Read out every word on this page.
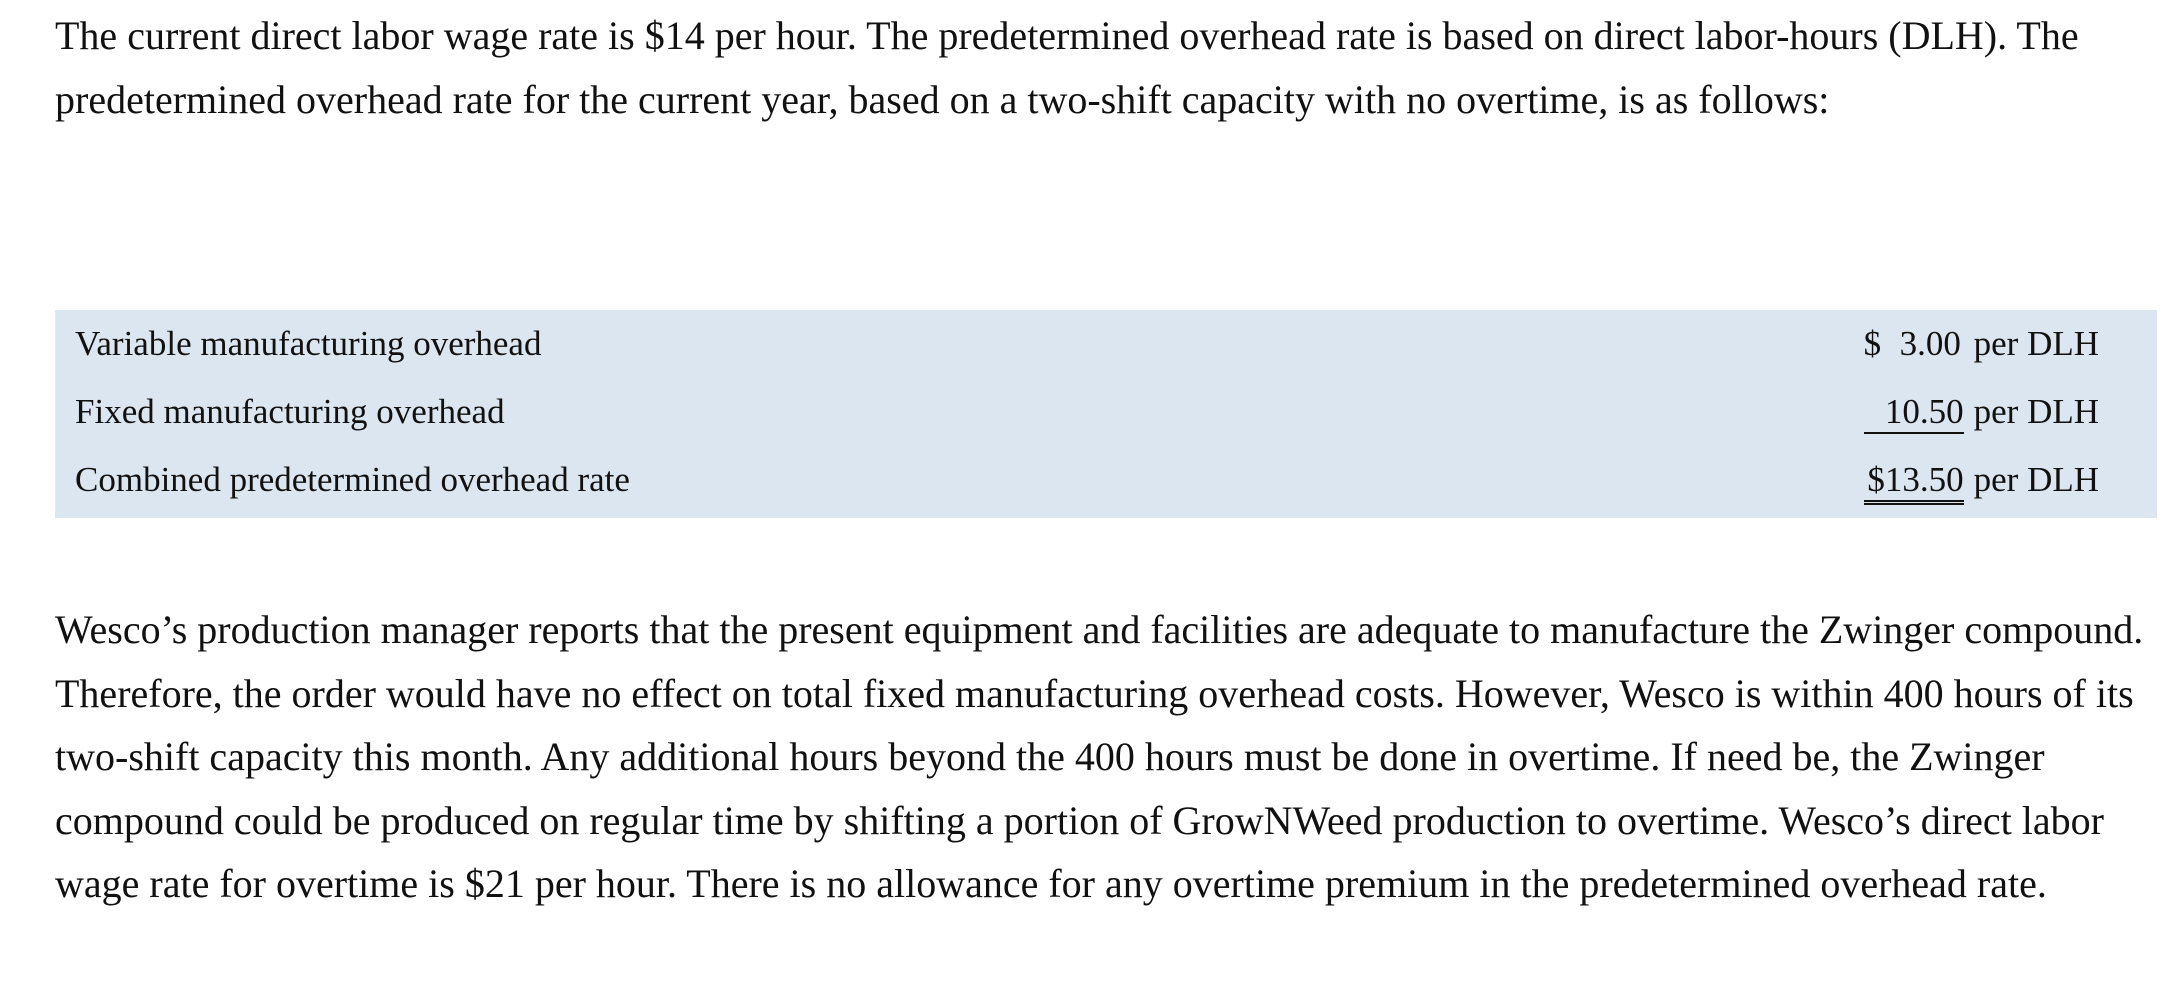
The current direct labor wage rate is $14 per hour. The predetermined overhead rate is based on direct labor-hours (DLH). The predetermined overhead rate for the current year, based on a two-shift capacity with no overtime, is as follows:

Variable manufacturing overhead	$ 3.00 per DLH
Fixed manufacturing overhead	10.50 per DLH
Combined predetermined overhead rate	$13.50 per DLH

Wesco’s production manager reports that the present equipment and facilities are adequate to manufacture the Zwinger compound. Therefore, the order would have no effect on total fixed manufacturing overhead costs. However, Wesco is within 400 hours of its two-shift capacity this month. Any additional hours beyond the 400 hours must be done in overtime. If need be, the Zwinger compound could be produced on regular time by shifting a portion of GrowNWeed production to overtime. Wesco’s direct labor wage rate for overtime is $21 per hour. There is no allowance for any overtime premium in the predetermined overhead rate.
